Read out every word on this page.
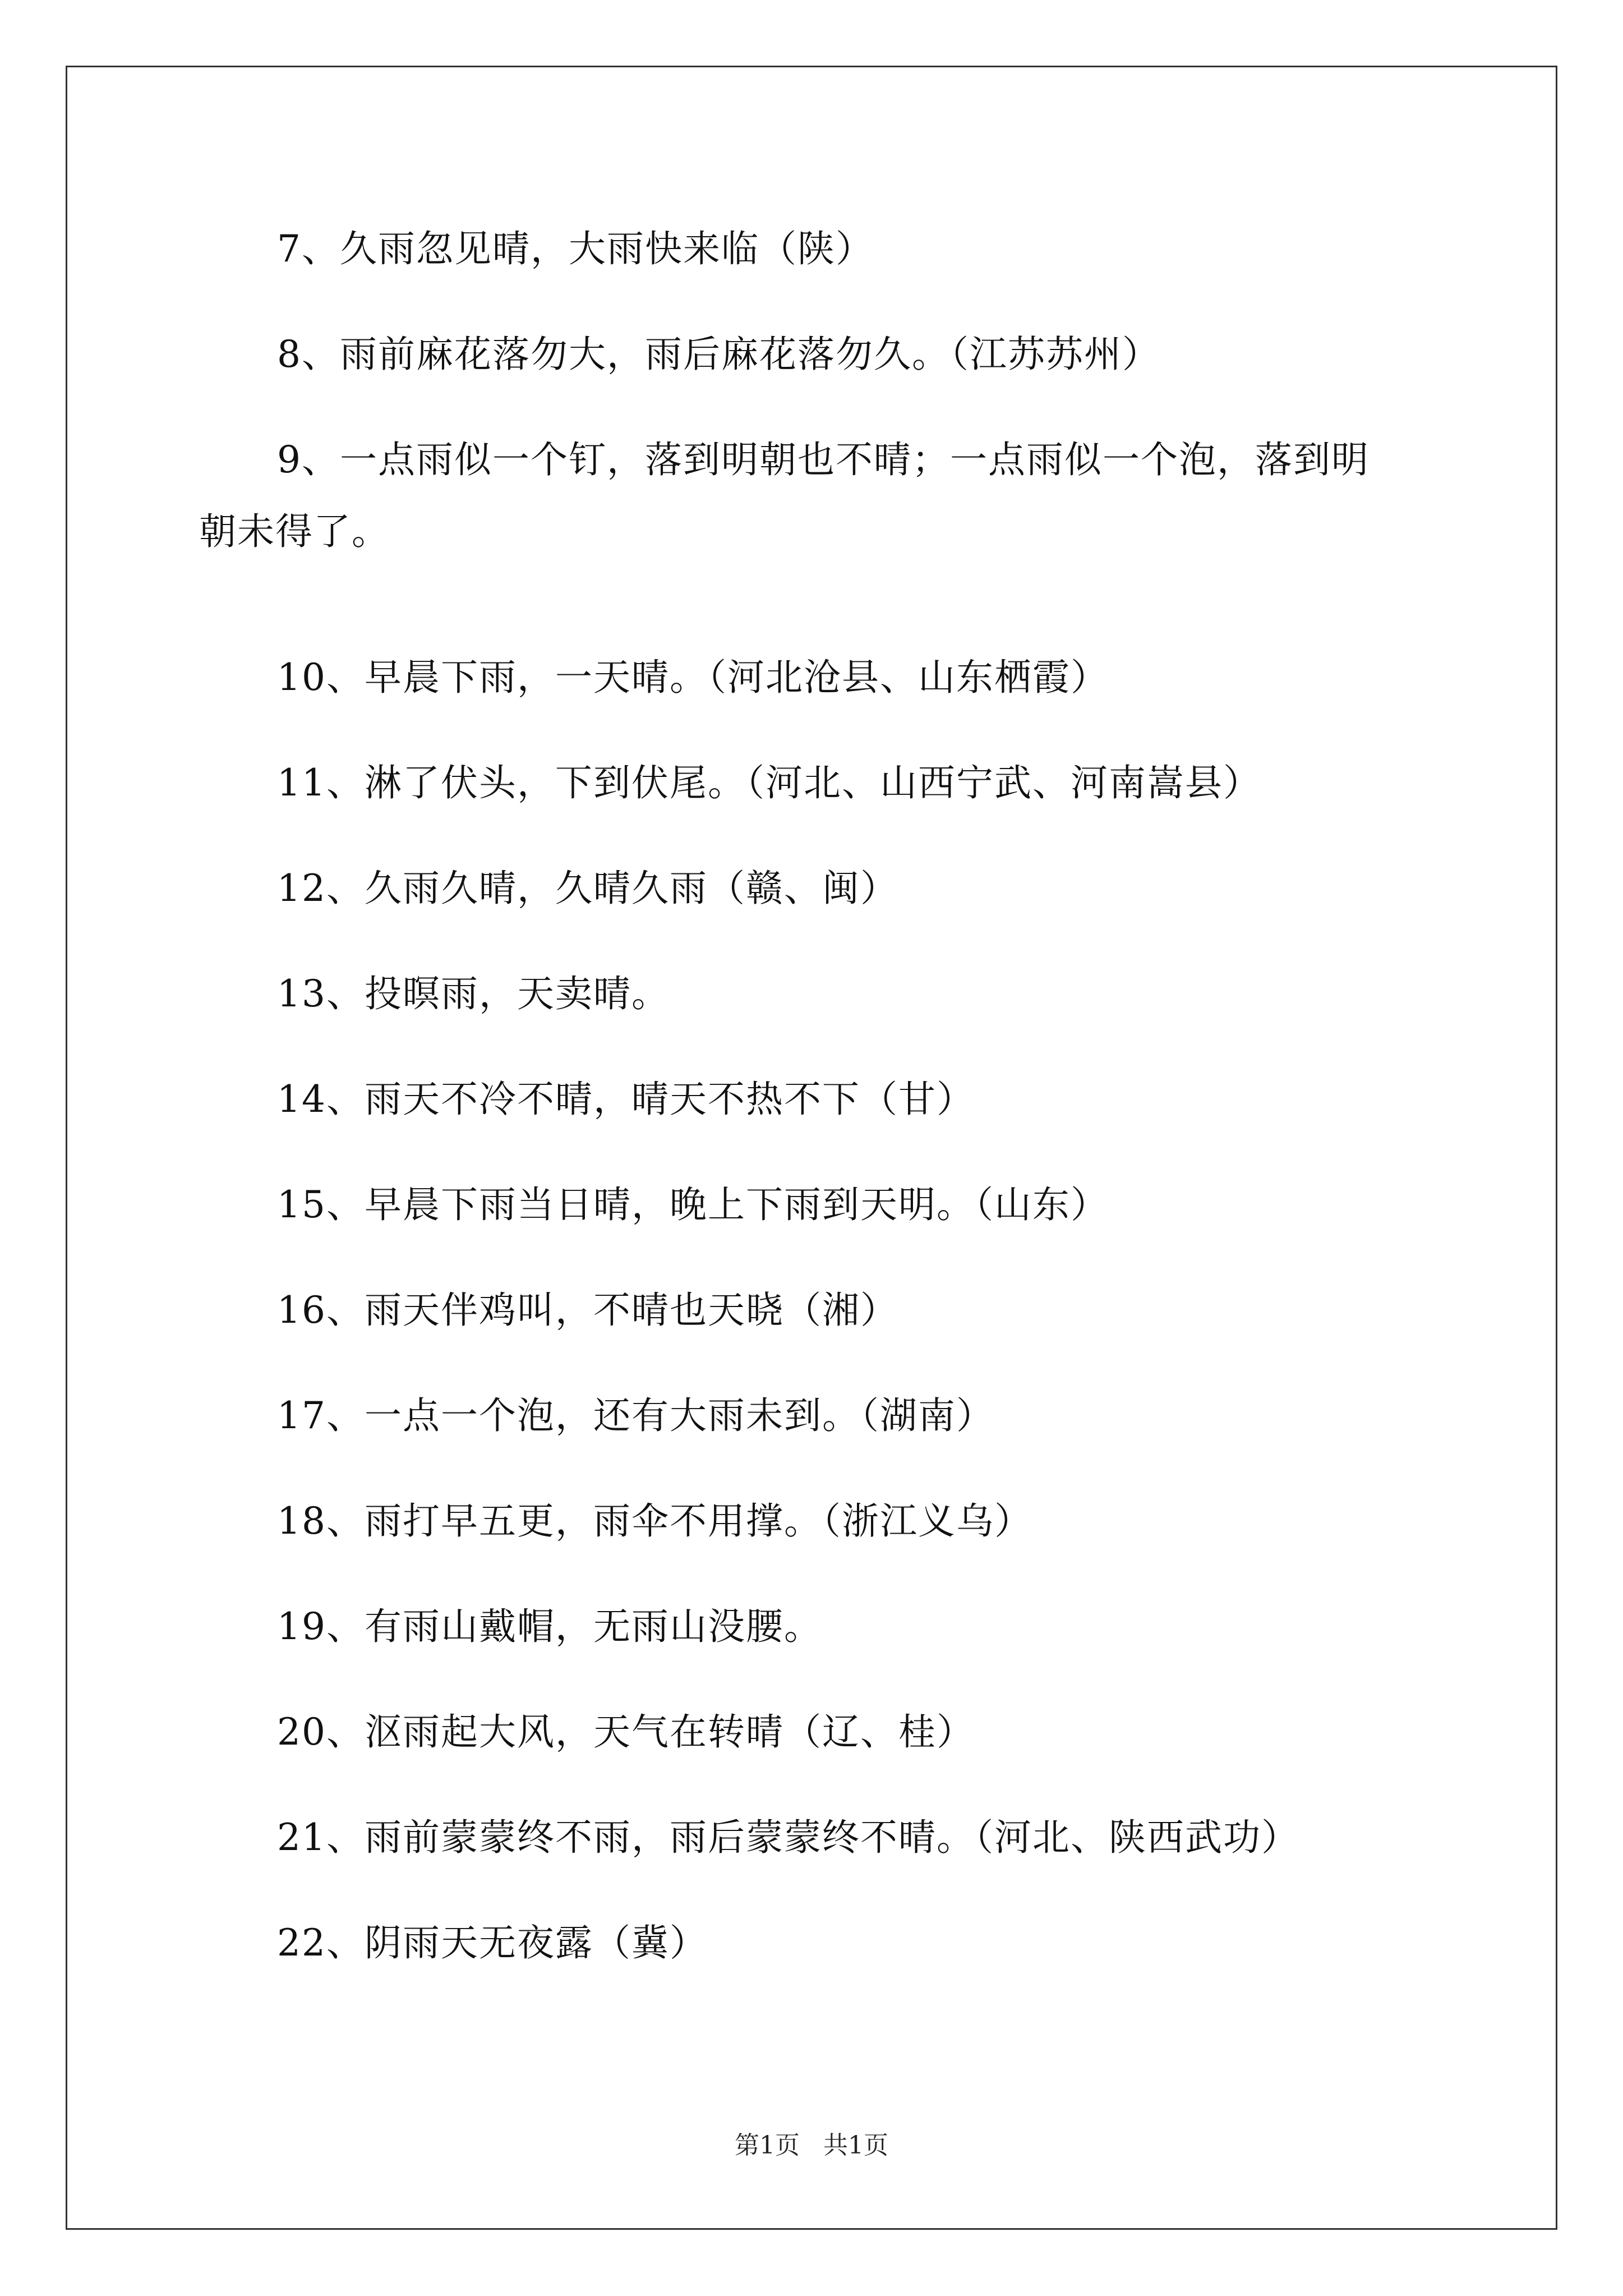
7、久雨忽见晴，大雨快来临（陕）
8、雨前麻花落勿大，雨后麻花落勿久。（江苏苏州）
9、一点雨似一个钉，落到明朝也不晴；一点雨似一个泡，落到明
朝未得了。
10、早晨下雨，一天晴。（河北沧县、山东栖霞）
11、淋了伏头，下到伏尾。（河北、山西宁武、河南嵩县）
12、久雨久晴，久晴久雨（赣、闽）
13、投暝雨，天卖晴。
14、雨天不冷不晴，晴天不热不下（甘）
15、早晨下雨当日晴，晚上下雨到天明。（山东）
16、雨天伴鸡叫，不晴也天晓（湘）
17、一点一个泡，还有大雨未到。（湖南）
18、雨打早五更，雨伞不用撑。（浙江义乌）
19、有雨山戴帽，无雨山没腰。
20、沤雨起大风，天气在转晴（辽、桂）
21、雨前蒙蒙终不雨，雨后蒙蒙终不晴。（河北、陕西武功）
22、阴雨天无夜露（冀）
第1页   共1页
